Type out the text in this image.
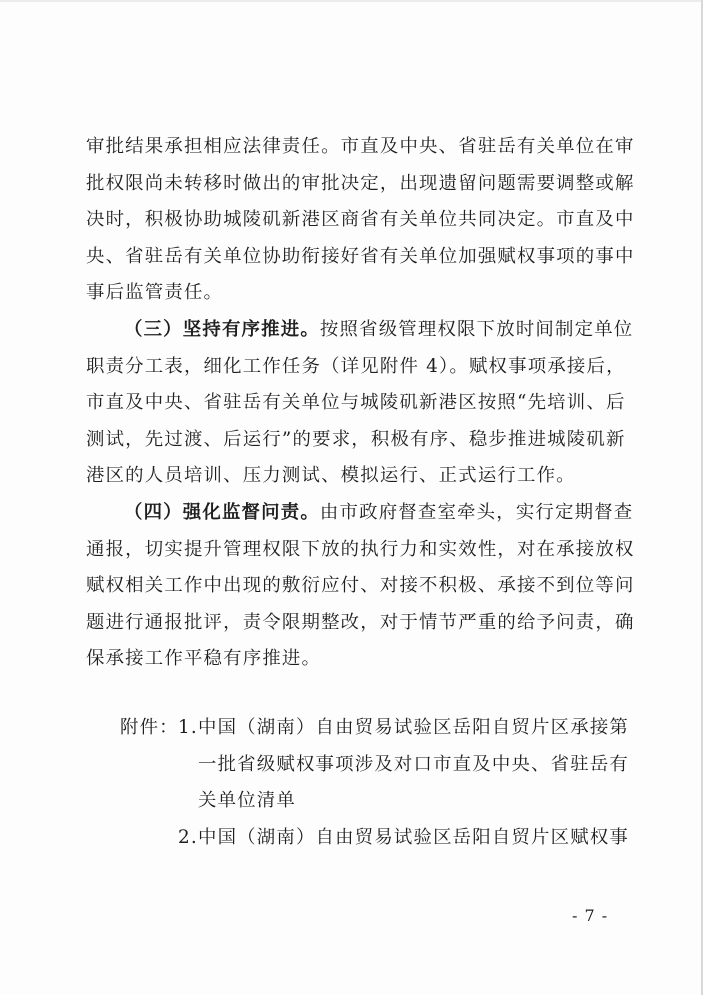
审批结果承担相应法律责任。市直及中央、省驻岳有关单位在审
批权限尚未转移时做出的审批决定，出现遗留问题需要调整或解
决时，积极协助城陵矶新港区商省有关单位共同决定。市直及中
央、省驻岳有关单位协助衔接好省有关单位加强赋权事项的事中
事后监管责任。
（三）坚持有序推进。按照省级管理权限下放时间制定单位
职责分工表，细化工作任务（详见附件 4）。赋权事项承接后，
市直及中央、省驻岳有关单位与城陵矶新港区按照“先培训、后
测试，先过渡、后运行”的要求，积极有序、稳步推进城陵矶新
港区的人员培训、压力测试、模拟运行、正式运行工作。
（四）强化监督问责。由市政府督查室牵头，实行定期督查
通报，切实提升管理权限下放的执行力和实效性，对在承接放权
赋权相关工作中出现的敷衍应付、对接不积极、承接不到位等问
题进行通报批评，责令限期整改，对于情节严重的给予问责，确
保承接工作平稳有序推进。
附件：1.中国（湖南）自由贸易试验区岳阳自贸片区承接第
一批省级赋权事项涉及对口市直及中央、省驻岳有
关单位清单
2.中国（湖南）自由贸易试验区岳阳自贸片区赋权事
- 7 -
